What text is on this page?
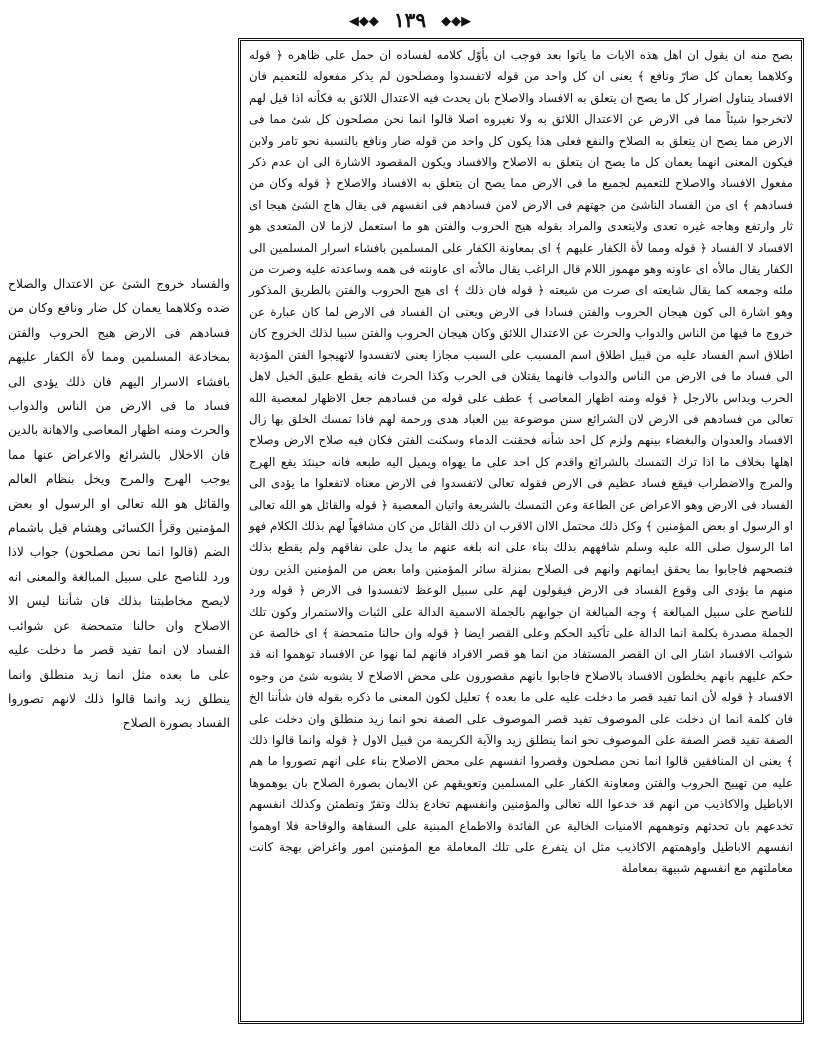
◀︎◆◆ ١٣٩ ◆◆▶︎

بصح منه ان يقول ان اهل هذه الايات ما ياتوا بعد فوجب ان يأوّل كلامه لفساده ان حمل على ظاهره ﴿ قوله وكلاهما يعمان كل ضارّ ونافع ﴾ يعنى ان كل واحد من قوله لاتفسدوا ومصلحون لم يذكر مفعوله للتعميم فان الافساد يتناول اضرار كل ما يصح ان يتعلق به الافساد والاصلاح بان يحدث فيه الاعتدال اللائق به فكأنه اذا قيل لهم لاتخرجوا شيئاً مما فى الارض عن الاعتدال اللائق به ولا تغيروه اصلا قالوا انما نحن مصلحون كل شئ مما فى الارض مما يصح ان يتعلق به الصلاح والنفع فعلى هذا يكون كل واحد من قوله ضار ونافع بالنسبة نحو تامر ولابن فيكون المعنى انهما يعمان كل ما يصح ان يتعلق به الاصلاح والافساد ويكون المقصود الاشارة الى ان عدم ذكر مفعول الافساد والاصلاح للتعميم لجميع ما فى الارض مما يصح ان يتعلق به الافساد والاصلاح ﴿ قوله وكان من فسادهم ﴾ اى من الفساد الناشئ من جهتهم فى الارض لامن فسادهم فى انفسهم فى يقال هاج الشئ هيجا اى ثار وارتفع وهاجه غيره تعدى ولايتعدى والمراد بقوله هيج الحروب والفتن هو ما استعمل لازما لان المتعدى هو الافساد لا الفساد ﴿ قوله ومما لأة الكفار عليهم ﴾ اى بمعاونة الكفار على المسلمين بافشاء اسرار المسلمين الى الكفار يقال مالأه اى عاونه وهو مهموز اللام قال الراغب يقال مالأته اى عاونته فى همه وساعدته عليه وصرت من ملئه وجمعه كما يقال شايعته اى صرت من شيعته ﴿ قوله فان ذلك ﴾ اى هيج الحروب والفتن بالطريق المذكور وهو اشارة الى كون هيجان الحروب والفتن فسادا فى الارض ويعنى ان الفساد فى الارض لما كان عبارة عن خروج ما فيها من الناس والدواب والحرث عن الاعتدال اللائق وكان هيجان الحروب والفتن سببا لذلك الخروج كان اطلاق اسم الفساد عليه من قبيل اطلاق اسم المسبب على السبب مجازا يعنى لاتفسدوا لاتهيجوا الفتن المؤدية الى فساد ما فى الارض من الناس والدواب فانهما يقتلان فى الحرب وكذا الحرث فانه يقطع عليق الخيل لاهل الحرب ويداس بالارجل ﴿ قوله ومنه اظهار المعاصى ﴾ عطف على قوله من فسادهم جعل الاظهار لمعصية الله تعالى من فسادهم فى الارض لان الشرائع سنن موضوعة بين العباد هدى ورحمة لهم فاذا تمسك الخلق بها زال الافساد والعدوان والبغضاء بينهم ولزم كل احد شأنه فحقنت الدماء وسكنت الفتن فكان فيه صلاح الارض وصلاح اهلها بخلاف ما اذا ترك التمسك بالشرائع واقدم كل احد على ما يهواه ويميل اليه طبعه فانه حينئذ يقع الهرج والمرج والاضطراب فيقع فساد عظيم فى الارض فقوله تعالى لاتفسدوا فى الارض معناه لاتفعلوا ما يؤدى الى الفساد فى الارض وهو الاعراض عن الطاعة وعن التمسك بالشريعة واتيان المعصية ﴿ قوله والقائل هو الله تعالى او الرسول او بعض المؤمنين ﴾ وكل ذلك محتمل الاان الاقرب ان ذلك القائل من كان مشافهاً لهم بذلك الكلام فهو اما الرسول صلى الله عليه وسلم شافههم بذلك بناء على انه بلغه عنهم ما يدل على نفاقهم ولم يقطع بذلك فنصحهم فاجابوا بما يحقق ايمانهم وانهم فى الصلاح بمنزلة سائر المؤمنين واما بعض من المؤمنين الذين رون منهم ما يؤدى الى وقوع الفساد فى الارض فيقولون لهم على سبيل الوعظ لاتفسدوا فى الارض ﴿ قوله ورد للناصح على سبيل المبالغة ﴾ وجه المبالغة ان جوابهم بالجملة الاسمية الدالة على الثبات والاستمرار وكون تلك الجملة مصدرة بكلمة انما الدالة على تأكيد الحكم وعلى القصر ايضا ﴿ قوله وان حالنا متمحضة ﴾ اى خالصة عن شوائب الافساد اشار الى ان القصر المستفاد من انما هو قصر الافراد فانهم لما نهوا عن الافساد توهموا انه قد حكم عليهم بانهم يخلطون الافساد بالاصلاح فاجابوا بانهم مقصورون على محض الاصلاح لا يشوبه شئ من وجوه الافساد ﴿ قوله لأن انما تفيد قصر ما دخلت عليه على ما بعده ﴾ تعليل لكون المعنى ما ذكره بقوله فان شأننا الخ فان كلمة انما ان دخلت على الموصوف تفيد قصر الموصوف على الصفة نحو انما زيد منطلق وان دخلت على الصفة تفيد قصر الصفة على الموصوف نحو انما ينطلق زيد والآية الكريمة من قبيل الاول ﴿ قوله وانما قالوا ذلك ﴾ يعنى ان المنافقين قالوا انما نحن مصلحون وقصروا انفسهم على محض الاصلاح بناء على انهم تصوروا ما هم عليه من تهييج الحروب والفتن ومعاونة الكفار على المسلمين وتعويقهم عن الايمان بصورة الصلاح بان يوهموها الاباطيل والاكاذيب من انهم قد خدعوا الله تعالى والمؤمنين وانفسهم تخادع بذلك وتقرّ وتطمئن وكذلك انفسهم تخدعهم بان تحدثهم وتوهمهم الامنيات الخالية عن الفائدة والاطماع المبنية على السفاهة والوقاحة فلا اوهموا انفسهم الاباطيل واوهمتهم الاكاذيب مثل ان يتفرع على تلك المعاملة مع المؤمنين امور واغراض بهجة كانت معاملتهم مع انفسهم شبيهة بمعاملة

والفساد خروج الشئ عن الاعتدال والصلاح ضده وكلاهما يعمان كل ضار ونافع وكان من فسادهم فى الارض هيج الحروب والفتن بمخادعة المسلمين ومما لأة الكفار عليهم بافشاء الاسرار اليهم فان ذلك يؤدى الى فساد ما فى الارض من الناس والدواب والحرث ومنه اظهار المعاصى والاهانة بالدين فان الاخلال بالشرائع والاعراض عنها مما يوجب الهرج والمرج ويخل بنظام العالم والقائل هو الله تعالى او الرسول او بعض المؤمنين وقرأ الكسائى وهشام قيل باشمام الضم (قالوا انما نحن مصلحون) جواب لاذا ورد للناصح على سبيل المبالغة والمعنى انه لايصح مخاطبتنا بذلك فان شأننا ليس الا الاصلاح وان حالنا متمحضة عن شوائب الفساد لان انما تفيد قصر ما دخلت عليه على ما بعده مثل انما زيد منطلق وانما ينطلق زيد وانما قالوا ذلك لانهم تصوروا الفساد بصورة الصلاح
